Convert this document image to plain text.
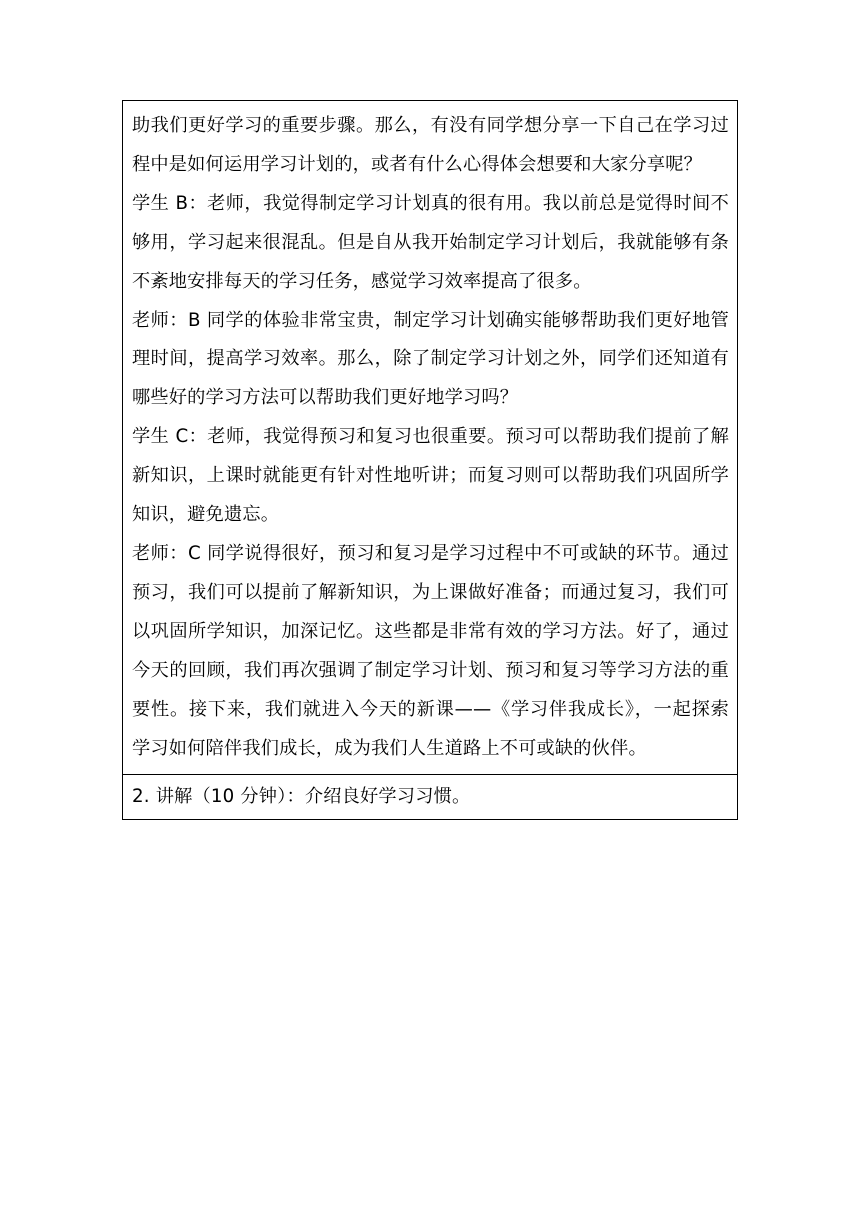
助我们更好学习的重要步骤。那么，有没有同学想分享一下自己在学习过程中是如何运用学习计划的，或者有什么心得体会想要和大家分享呢？

学生 B：老师，我觉得制定学习计划真的很有用。我以前总是觉得时间不够用，学习起来很混乱。但是自从我开始制定学习计划后，我就能够有条不紊地安排每天的学习任务，感觉学习效率提高了很多。

老师：B 同学的体验非常宝贵，制定学习计划确实能够帮助我们更好地管理时间，提高学习效率。那么，除了制定学习计划之外，同学们还知道有哪些好的学习方法可以帮助我们更好地学习吗？

学生 C：老师，我觉得预习和复习也很重要。预习可以帮助我们提前了解新知识，上课时就能更有针对性地听讲；而复习则可以帮助我们巩固所学知识，避免遗忘。

老师：C 同学说得很好，预习和复习是学习过程中不可或缺的环节。通过预习，我们可以提前了解新知识，为上课做好准备；而通过复习，我们可以巩固所学知识，加深记忆。这些都是非常有效的学习方法。好了，通过今天的回顾，我们再次强调了制定学习计划、预习和复习等学习方法的重要性。接下来，我们就进入今天的新课——《学习伴我成长》，一起探索学习如何陪伴我们成长，成为我们人生道路上不可或缺的伙伴。

2. 讲解（10 分钟）：介绍良好学习习惯。
